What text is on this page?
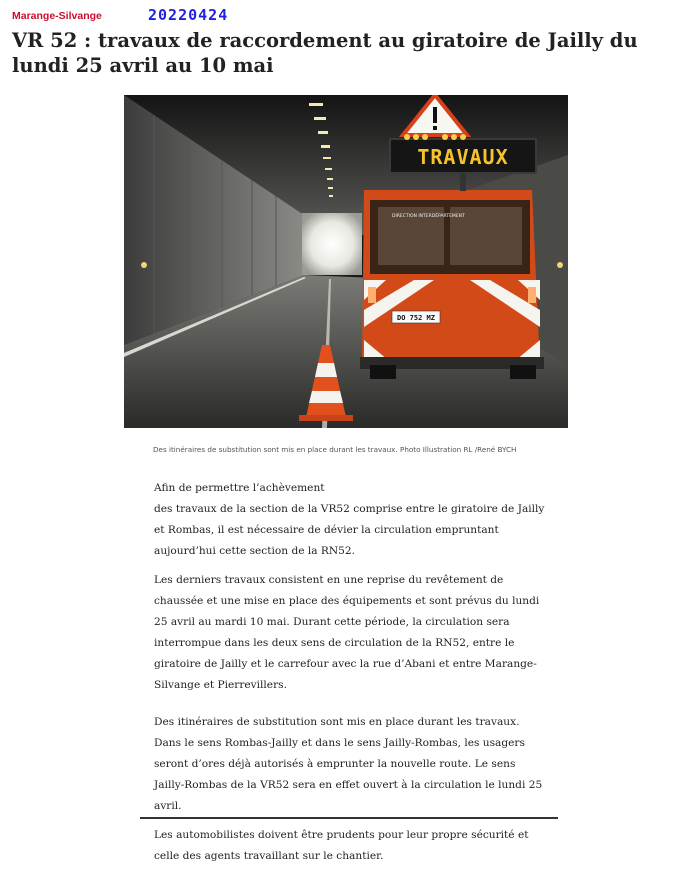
Marange-Silvange	20220424
VR 52 : travaux de raccordement au giratoire de Jailly du lundi 25 avril au 10 mai
DIRECTION INTERDÉPARTEMENT
DO 752 MZ
TRAVAUX
Des itinéraires de substitution sont mis en place durant les travaux. Photo Illustration RL /René BYCH

Afin de permettre l’achèvement
des travaux de la section de la VR52 comprise entre le giratoire de Jailly et Rombas, il est nécessaire de dévier la circulation empruntant aujourd’hui cette section de la RN52.

Les derniers travaux consistent en une reprise du revêtement de chaussée et une mise en place des équipements et sont prévus du lundi 25 avril au mardi 10 mai. Durant cette période, la circulation sera interrompue dans les deux sens de circulation de la RN52, entre le giratoire de Jailly et le carrefour avec la rue d’Abani et entre Marange-Silvange et Pierrevillers.

Des itinéraires de substitution sont mis en place durant les travaux. Dans le sens Rombas-Jailly et dans le sens Jailly-Rombas, les usagers seront d’ores déjà autorisés à emprunter la nouvelle route. Le sens Jailly-Rombas de la VR52 sera en effet ouvert à la circulation le lundi 25 avril.

Les automobilistes doivent être prudents pour leur propre sécurité et celle des agents travaillant sur le chantier.
